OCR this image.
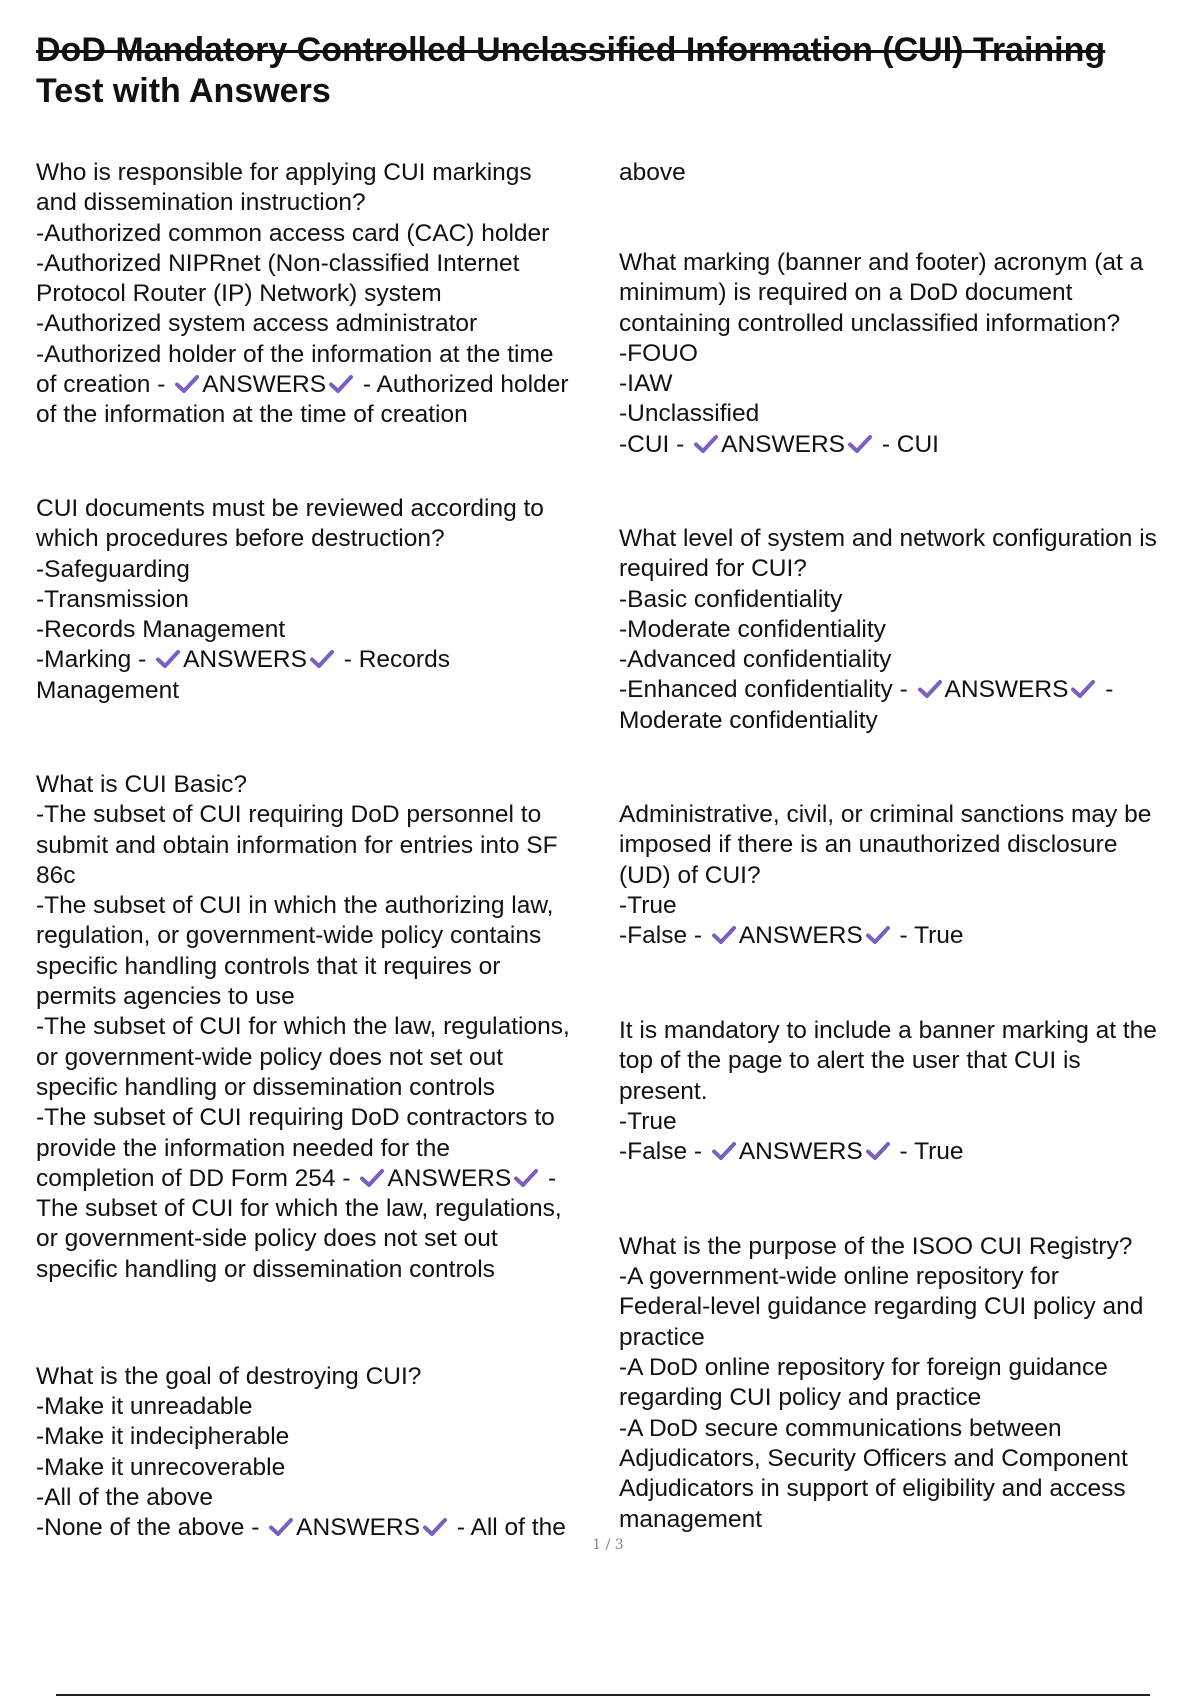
DoD Mandatory Controlled Unclassified Information (CUI) Training
Test with Answers
Who is responsible for applying CUI markings
and dissemination instruction?
-Authorized common access card (CAC) holder
-Authorized NIPRnet (Non-classified Internet
Protocol Router (IP) Network) system
-Authorized system access administrator
-Authorized holder of the information at the time
of creation -
ANSWERS
- Authorized holder
of the information at the time of creation
CUI documents must be reviewed according to
which procedures before destruction?
-Safeguarding
-Transmission
-Records Management
-Marking -
ANSWERS
- Records
Management
What is CUI Basic?
-The subset of CUI requiring DoD personnel to
submit and obtain information for entries into SF
86c
-The subset of CUI in which the authorizing law,
regulation, or government-wide policy contains
specific handling controls that it requires or
permits agencies to use
-The subset of CUI for which the law, regulations,
or government-wide policy does not set out
specific handling or dissemination controls
-The subset of CUI requiring DoD contractors to
provide the information needed for the
completion of DD Form 254 -
ANSWERS
-
The subset of CUI for which the law, regulations,
or government-side policy does not set out
specific handling or dissemination controls
What is the goal of destroying CUI?
-Make it unreadable
-Make it indecipherable
-Make it unrecoverable
-All of the above
-None of the above -
ANSWERS
- All of the
above
What marking (banner and footer) acronym (at a
minimum) is required on a DoD document
containing controlled unclassified information?
-FOUO
-IAW
-Unclassified
-CUI -
ANSWERS
- CUI
What level of system and network configuration is
required for CUI?
-Basic confidentiality
-Moderate confidentiality
-Advanced confidentiality
-Enhanced confidentiality -
ANSWERS
-
Moderate confidentiality
Administrative, civil, or criminal sanctions may be
imposed if there is an unauthorized disclosure
(UD) of CUI?
-True
-False -
ANSWERS
- True
It is mandatory to include a banner marking at the
top of the page to alert the user that CUI is
present.
-True
-False -
ANSWERS
- True
What is the purpose of the ISOO CUI Registry?
-A government-wide online repository for
Federal-level guidance regarding CUI policy and
practice
-A DoD online repository for foreign guidance
regarding CUI policy and practice
-A DoD secure communications between
Adjudicators, Security Officers and Component
Adjudicators in support of eligibility and access
management
1 / 3
